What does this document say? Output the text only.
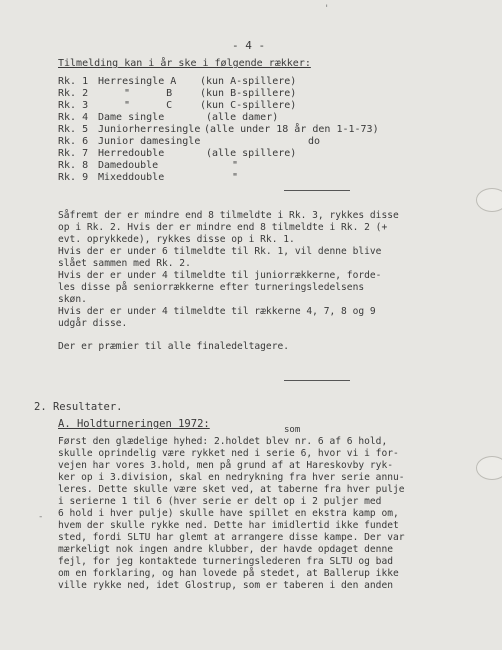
'
- 4 -
Tilmelding kan i år ske i følgende rækker:
Rk. 1 Herresingle A (kun A-spillere)
Rk. 2	"      B	(kun B-spillere)
Rk. 3	"      C	(kun C-spillere)
Rk. 4 Dame single	(alle damer)
Rk. 5 Juniorherresingle (alle under 18 år den 1-1-73)
Rk. 6 Junior damesingle	do
Rk. 7 Herredouble	(alle spillere)
Rk. 8 Damedouble	"
Rk. 9 Mixeddouble	"
Såfremt der er mindre end 8 tilmeldte i Rk. 3, rykkes disse
op i Rk. 2. Hvis der er mindre end 8 tilmeldte i Rk. 2 (+
evt. oprykkede), rykkes disse op i Rk. 1.
Hvis der er under 6 tilmeldte til Rk. 1, vil denne blive
slået sammen med Rk. 2.
Hvis der er under 4 tilmeldte til juniorrækkerne, forde-
les disse på seniorrækkerne efter turneringsledelsens
skøn.
Hvis der er under 4 tilmeldte til rækkerne 4, 7, 8 og 9
udgår disse.
Der er præmier til alle finaledeltagere.
2. Resultater.
A. Holdturneringen 1972:	som
Først den glædelige hyhed: 2.holdet blev nr. 6 af 6 hold,
skulle oprindelig være rykket ned i serie 6, hvor vi i for-
vejen har vores 3.hold, men på grund af at Hareskovby ryk-
ker op i 3.division, skal en nedrykning fra hver serie annu-
leres. Dette skulle være sket ved, at taberne fra hver pulje
i serierne 1 til 6 (hver serie er delt op i 2 puljer med
6 hold i hver pulje) skulle have spillet en ekstra kamp om,
hvem der skulle rykke ned. Dette har imidlertid ikke fundet
sted, fordi SLTU har glemt at arrangere disse kampe. Der var
mærkeligt nok ingen andre klubber, der havde opdaget denne
fejl, for jeg kontaktede turneringslederen fra SLTU og bad
om en forklaring, og han lovede på stedet, at Ballerup ikke
ville rykke ned, idet Glostrup, som er taberen i den anden
-
